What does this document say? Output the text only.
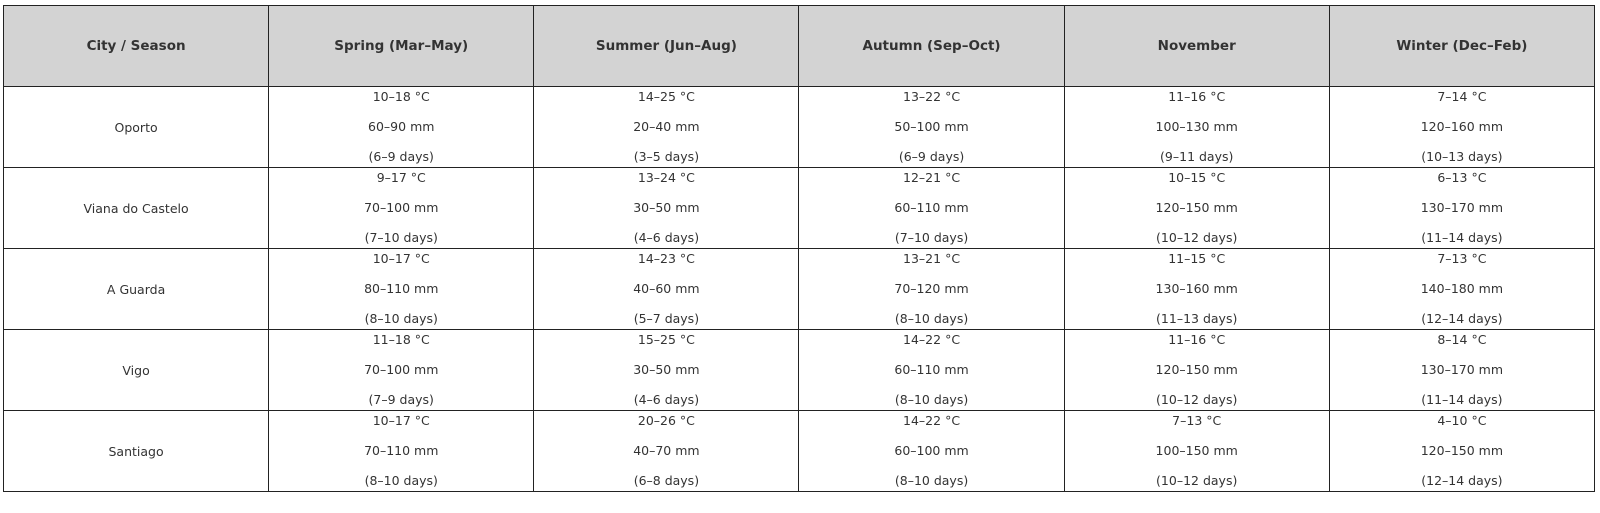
City / Season	Spring (Mar–May)	Summer (Jun–Aug)	Autumn (Sep–Oct)	November	Winter (Dec–Feb)
Oporto	10–18 °C
60–90 mm
(6–9 days)	14–25 °C
20–40 mm
(3–5 days)	13–22 °C
50–100 mm
(6–9 days)	11–16 °C
100–130 mm
(9–11 days)	7–14 °C
120–160 mm
(10–13 days)

Viana do Castelo	9–17 °C
70–100 mm
(7–10 days)	13–24 °C
30–50 mm
(4–6 days)	12–21 °C
60–110 mm
(7–10 days)	10–15 °C
120–150 mm
(10–12 days)	6–13 °C
130–170 mm
(11–14 days)

A Guarda	10–17 °C
80–110 mm
(8–10 days)	14–23 °C
40–60 mm
(5–7 days)	13–21 °C
70–120 mm
(8–10 days)	11–15 °C
130–160 mm
(11–13 days)	7–13 °C
140–180 mm
(12–14 days)

Vigo	11–18 °C
70–100 mm
(7–9 days)	15–25 °C
30–50 mm
(4–6 days)	14–22 °C
60–110 mm
(8–10 days)	11–16 °C
120–150 mm
(10–12 days)	8–14 °C
130–170 mm
(11–14 days)

Santiago	10–17 °C
70–110 mm
(8–10 days)	20–26 °C
40–70 mm
(6–8 days)	14–22 °C
60–100 mm
(8–10 days)	7–13 °C
100–150 mm
(10–12 days)	4–10 °C
120–150 mm
(12–14 days)
